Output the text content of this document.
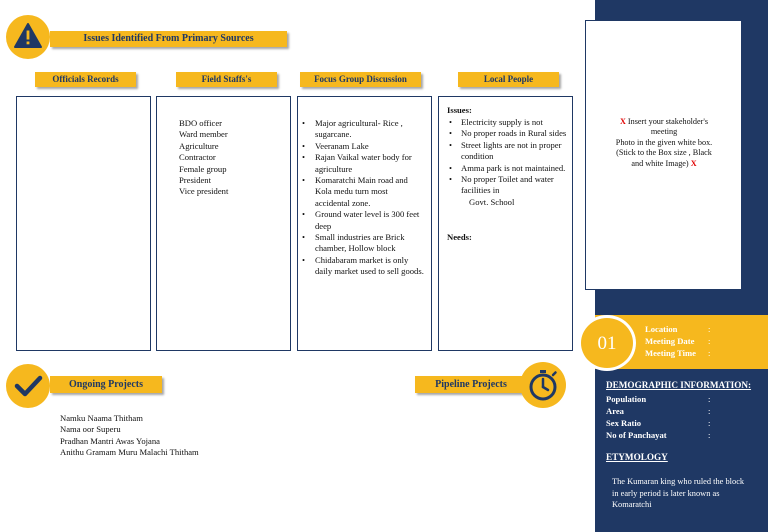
X Insert your stakeholder's
meeting
Photo in the given white box.
(Stick to the Box size , Black
and white Image) X
01
Location	:
Meeting Date :
Meeting Time :
DEMOGRAPHIC INFORMATION:
Population	:
Area	:
Sex Ratio	:
No of Panchayat	:
ETYMOLOGY
The Kumaran king who ruled the block in early period is later known as Komaratchi
Issues Identified From Primary Sources
Officials Records	Field Staffs's	Focus Group Discussion	Local People
BDO officer
Ward member
Agriculture
Contractor
Female group
President
Vice president
• Major agricultural- Rice , sugarcane.
• Veeranam Lake
• Rajan Vaikal water body for agriculture
• Komaratchi Main road and Kola medu turn most accidental zone.
• Ground water level is 300 feet deep
• Small industries are Brick chamber, Hollow block
• Chidabaram market is only daily market used to sell goods.
Issues:
• Electricity supply is not
• No proper roads in Rural sides
• Street lights are not in proper condition
• Amma park is not maintained.
• No proper Toilet and water facilities in
Govt. School
Needs:
Ongoing Projects
Namku Naama Thitham
Nama oor Superu
Pradhan Mantri Awas Yojana
Anithu Gramam Muru Malachi Thitham
Pipeline Projects
